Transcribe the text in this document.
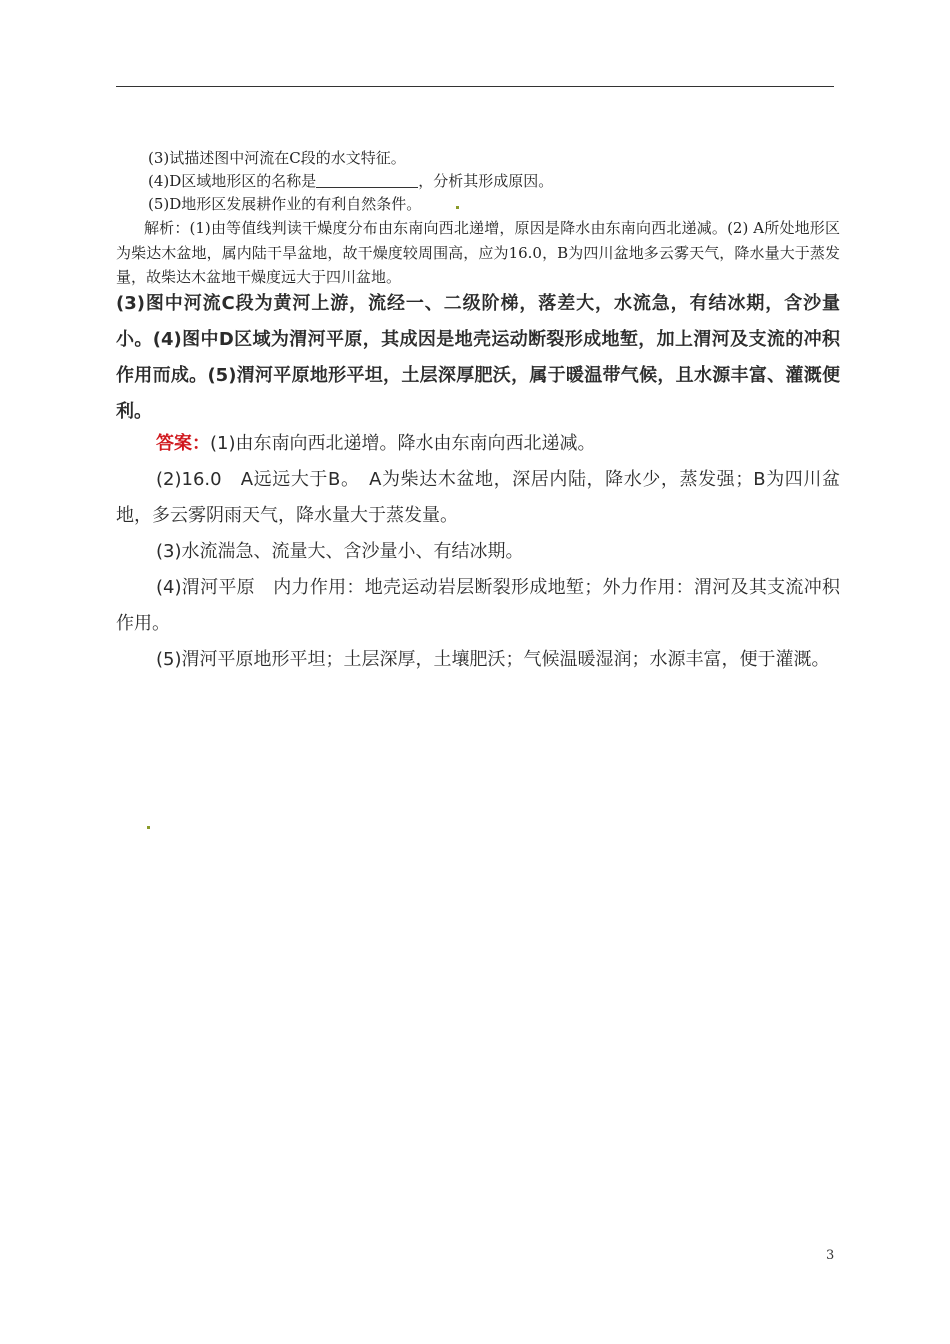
(3)试描述图中河流在C段的水文特征。
(4)D区域地形区的名称是	，分析其形成原因。
(5)D地形区发展耕作业的有利自然条件。
解析：(1)由等值线判读干燥度分布由东南向西北递增，原因是降水由东南向西北递减。(2) A所处地形区为柴达木盆地，属内陆干旱盆地，故干燥度较周围高，应为16.0，B为四川盆地多云雾天气，降水量大于蒸发量，故柴达木盆地干燥度远大于四川盆地。
(3)图中河流C段为黄河上游，流经一、二级阶梯，落差大，水流急，有结冰期，含沙量小。(4)图中D区域为渭河平原，其成因是地壳运动断裂形成地堑，加上渭河及支流的冲积作用而成。(5)渭河平原地形平坦，土层深厚肥沃，属于暖温带气候，且水源丰富、灌溉便利。

答案：(1)由东南向西北递增。降水由东南向西北递减。

(2)16.0　A远远大于B。　A为柴达木盆地，深居内陆，降水少，蒸发强；B为四川盆地，多云雾阴雨天气，降水量大于蒸发量。

(3)水流湍急、流量大、含沙量小、有结冰期。

(4)渭河平原　内力作用：地壳运动岩层断裂形成地堑；外力作用：渭河及其支流冲积作用。

(5)渭河平原地形平坦；土层深厚，土壤肥沃；气候温暖湿润；水源丰富，便于灌溉。

3
